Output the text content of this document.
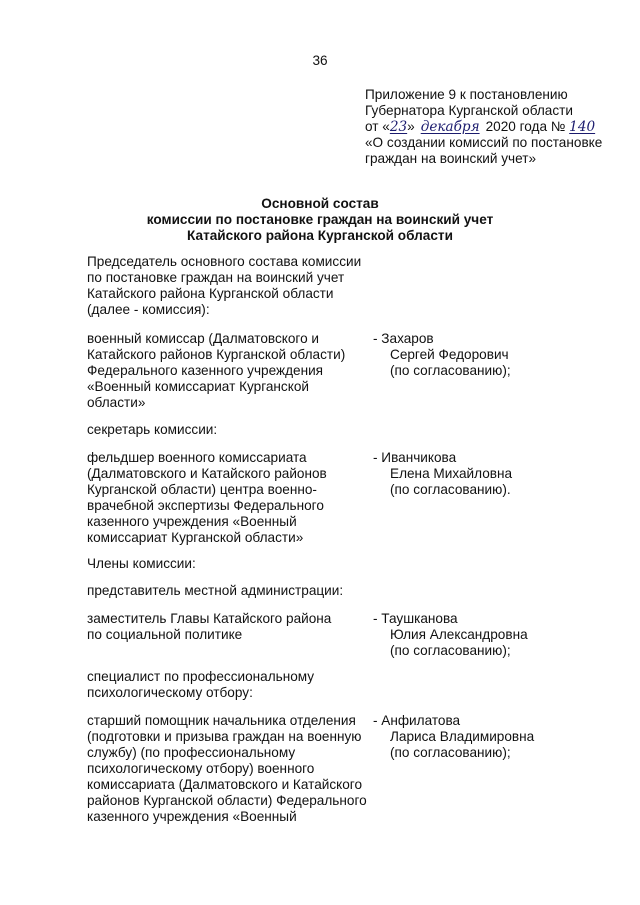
36
Приложение 9 к постановлению
Губернатора Курганской области
от «23» декабря 2020 года № 140
«О создании комиссий по постановке
граждан на воинский учет»
Основной состав
комиссии по постановке граждан на воинский учет
Катайского района Курганской области
Председатель основного состава комиссии
по постановке граждан на воинский учет
Катайского района Курганской области
(далее - комиссия):
военный комиссар (Далматовского и
Катайского районов Курганской области)
Федерального казенного учреждения
«Военный комиссариат Курганской
области»
- Захаров
Сергей Федорович
(по согласованию);
секретарь комиссии:
фельдшер военного комиссариата
(Далматовского и Катайского районов
Курганской области) центра военно-
врачебной экспертизы Федерального
казенного учреждения «Военный
комиссариат Курганской области»
- Иванчикова
Елена Михайловна
(по согласованию).
Члены комиссии:
представитель местной администрации:
заместитель Главы Катайского района
по социальной политике
- Таушканова
Юлия Александровна
(по согласованию);
специалист по профессиональному
психологическому отбору:
старший помощник начальника отделения
(подготовки и призыва граждан на военную
службу) (по профессиональному
психологическому отбору) военного
комиссариата (Далматовского и Катайского
районов Курганской области) Федерального
казенного учреждения «Военный
- Анфилатова
Лариса Владимировна
(по согласованию);
